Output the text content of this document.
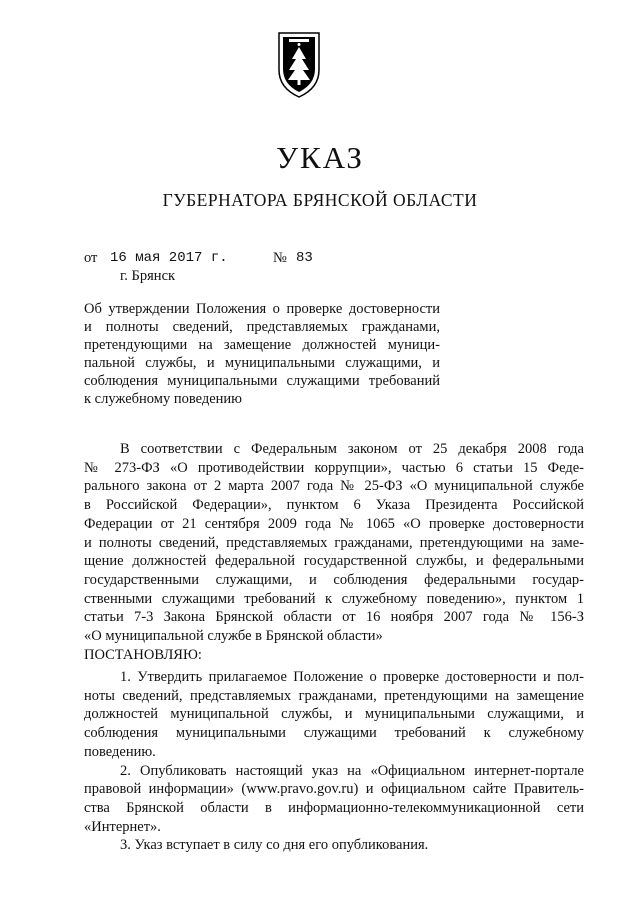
УКАЗ
ГУБЕРНАТОРА БРЯНСКОЙ ОБЛАСТИ
от 16 мая 2017 г.	№ 83
г. Брянск
Об утверждении Положения о проверке достоверности
и полноты сведений, представляемых гражданами,
претендующими на замещение должностей муници-
пальной службы, и муниципальными служащими, и
соблюдения муниципальными служащими требований
к служебному поведению
В соответствии с Федеральным законом от 25 декабря 2008 года
№ 273-ФЗ «О противодействии коррупции», частью 6 статьи 15 Феде-
рального закона от 2 марта 2007 года № 25-ФЗ «О муниципальной службе
в Российской Федерации», пунктом 6 Указа Президента Российской
Федерации от 21 сентября 2009 года № 1065 «О проверке достоверности
и полноты сведений, представляемых гражданами, претендующими на заме-
щение должностей федеральной государственной службы, и федеральными
государственными служащими, и соблюдения федеральными государ-
ственными служащими требований к служебному поведению», пунктом 1
статьи 7-3 Закона Брянской области от 16 ноября 2007 года № 156-З
«О муниципальной службе в Брянской области»
ПОСТАНОВЛЯЮ:
1. Утвердить прилагаемое Положение о проверке достоверности и пол-
ноты сведений, представляемых гражданами, претендующими на замещение
должностей муниципальной службы, и муниципальными служащими, и
соблюдения муниципальными служащими требований к служебному
поведению.
2. Опубликовать настоящий указ на «Официальном интернет-портале
правовой информации» (www.pravo.gov.ru) и официальном сайте Правитель-
ства Брянской области в информационно-телекоммуникационной сети
«Интернет».
3. Указ вступает в силу со дня его опубликования.
